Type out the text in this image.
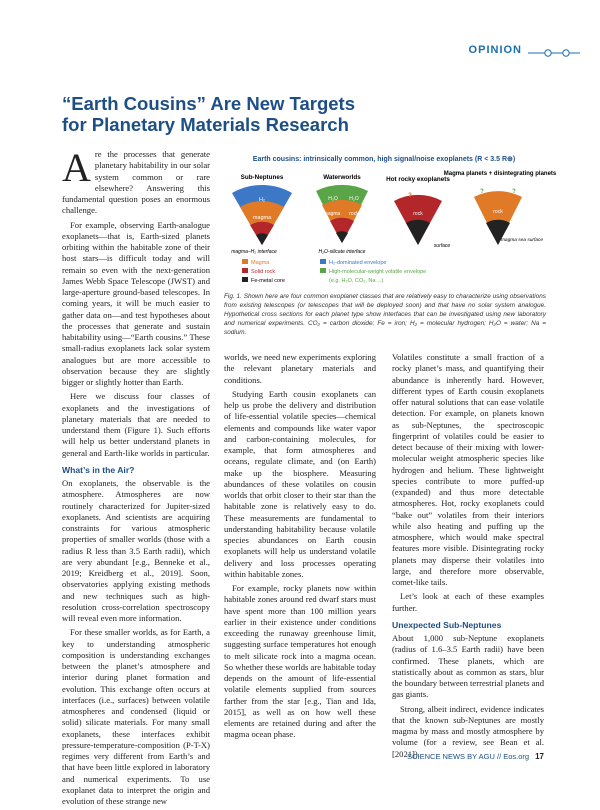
OPINION
“Earth Cousins” Are New Targets for Planetary Materials Research

Are the processes that generate planetary habitability in our solar system common or rare elsewhere? Answering this fundamental question poses an enormous challenge.

For example, observing Earth-analogue exoplanets—that is, Earth-sized planets orbiting within the habitable zone of their host stars—is difficult today and will remain so even with the next-generation James Webb Space Telescope (JWST) and large-aperture ground-based telescopes. In coming years, it will be much easier to gather data on—and test hypotheses about the processes that generate and sustain habitability using—“Earth cousins.” These small-radius exoplanets lack solar system analogues but are more accessible to observation because they are slightly bigger or slightly hotter than Earth.

Here we discuss four classes of exoplanets and the investigations of planetary materials that are needed to understand them (Figure 1). Such efforts will help us better understand planets in general and Earth-like worlds in particular.

What’s in the Air?

On exoplanets, the observable is the atmosphere. Atmospheres are now routinely characterized for Jupiter-sized exoplanets. And scientists are acquiring constraints for various atmospheric properties of smaller worlds (those with a radius R less than 3.5 Earth radii), which are very abundant [e.g., Benneke et al., 2019; Kreidberg et al., 2019]. Soon, observatories applying existing methods and new techniques such as high-resolution cross-correlation spectroscopy will reveal even more information.

For these smaller worlds, as for Earth, a key to understanding atmospheric composition is understanding exchanges between the planet’s atmosphere and interior during planet formation and evolution. This exchange often occurs at interfaces (i.e., surfaces) between volatile atmospheres and condensed (liquid or solid) silicate materials. For many small exoplanets, these interfaces exhibit pressure-temperature-composition (P-T-X) regimes very different from Earth’s and that have been little explored in laboratory and numerical experiments. To use exoplanet data to interpret the origin and evolution of these strange new

Earth cousins: intrinsically common, high signal/noise exoplanets (R < 3.5 R⊕)
Sub-Neptunes	Waterworlds	Hot rocky exoplanets
Magma planets + disintegrating planets
H₂
magma
magma–H₂ interface
H₂O H₂O
magma rock
H₂O-silicate interface
?
rock
surface
?	?
rock
magma sea surface
Magma
Solid rock
Fe-metal core
H₂-dominated envelope
High-molecular-weight volatile envelope
(e.g. H₂O, CO₂, Na ...)
Fig. 1. Shown here are four common exoplanet classes that are relatively easy to characterize using observations from existing telescopes (or telescopes that will be deployed soon) and that have no solar system analogue. Hypothetical cross sections for each planet type show interfaces that can be investigated using new laboratory and numerical experiments. CO₂ = carbon dioxide; Fe = iron; H₂ = molecular hydrogen; H₂O = water; Na = sodium.

worlds, we need new experiments exploring the relevant planetary materials and conditions.

Studying Earth cousin exoplanets can help us probe the delivery and distribution of life-essential volatile species—chemical elements and compounds like water vapor and carbon-containing molecules, for example, that form atmospheres and oceans, regulate climate, and (on Earth) make up the biosphere. Measuring abundances of these volatiles on cousin worlds that orbit closer to their star than the habitable zone is relatively easy to do. These measurements are fundamental to understanding habitability because volatile species abundances on Earth cousin exoplanets will help us understand volatile delivery and loss processes operating within habitable zones.

For example, rocky planets now within habitable zones around red dwarf stars must have spent more than 100 million years earlier in their existence under conditions exceeding the runaway greenhouse limit, suggesting surface temperatures hot enough to melt silicate rock into a magma ocean. So whether these worlds are habitable today depends on the amount of life-essential volatile elements supplied from sources farther from the star [e.g., Tian and Ida, 2015], as well as on how well these elements are retained during and after the magma ocean phase.

Volatiles constitute a small fraction of a rocky planet’s mass, and quantifying their abundance is inherently hard. However, different types of Earth cousin exoplanets offer natural solutions that can ease volatile detection. For example, on planets known as sub-Neptunes, the spectroscopic fingerprint of volatiles could be easier to detect because of their mixing with lower-molecular weight atmospheric species like hydrogen and helium. These lightweight species contribute to more puffed-up (expanded) and thus more detectable atmospheres. Hot, rocky exoplanets could “bake out” volatiles from their interiors while also heating and puffing up the atmosphere, which would make spectral features more visible. Disintegrating rocky planets may disperse their volatiles into large, and therefore more observable, comet-like tails.

Let’s look at each of these examples further.

Unexpected Sub-Neptunes

About 1,000 sub-Neptune exoplanets (radius of 1.6–3.5 Earth radii) have been confirmed. These planets, which are statistically about as common as stars, blur the boundary between terrestrial planets and gas giants.

Strong, albeit indirect, evidence indicates that the known sub-Neptunes are mostly magma by mass and mostly atmosphere by volume (for a review, see Bean et al. [2021]).

SCIENCE NEWS BY AGU // Eos.org 17
